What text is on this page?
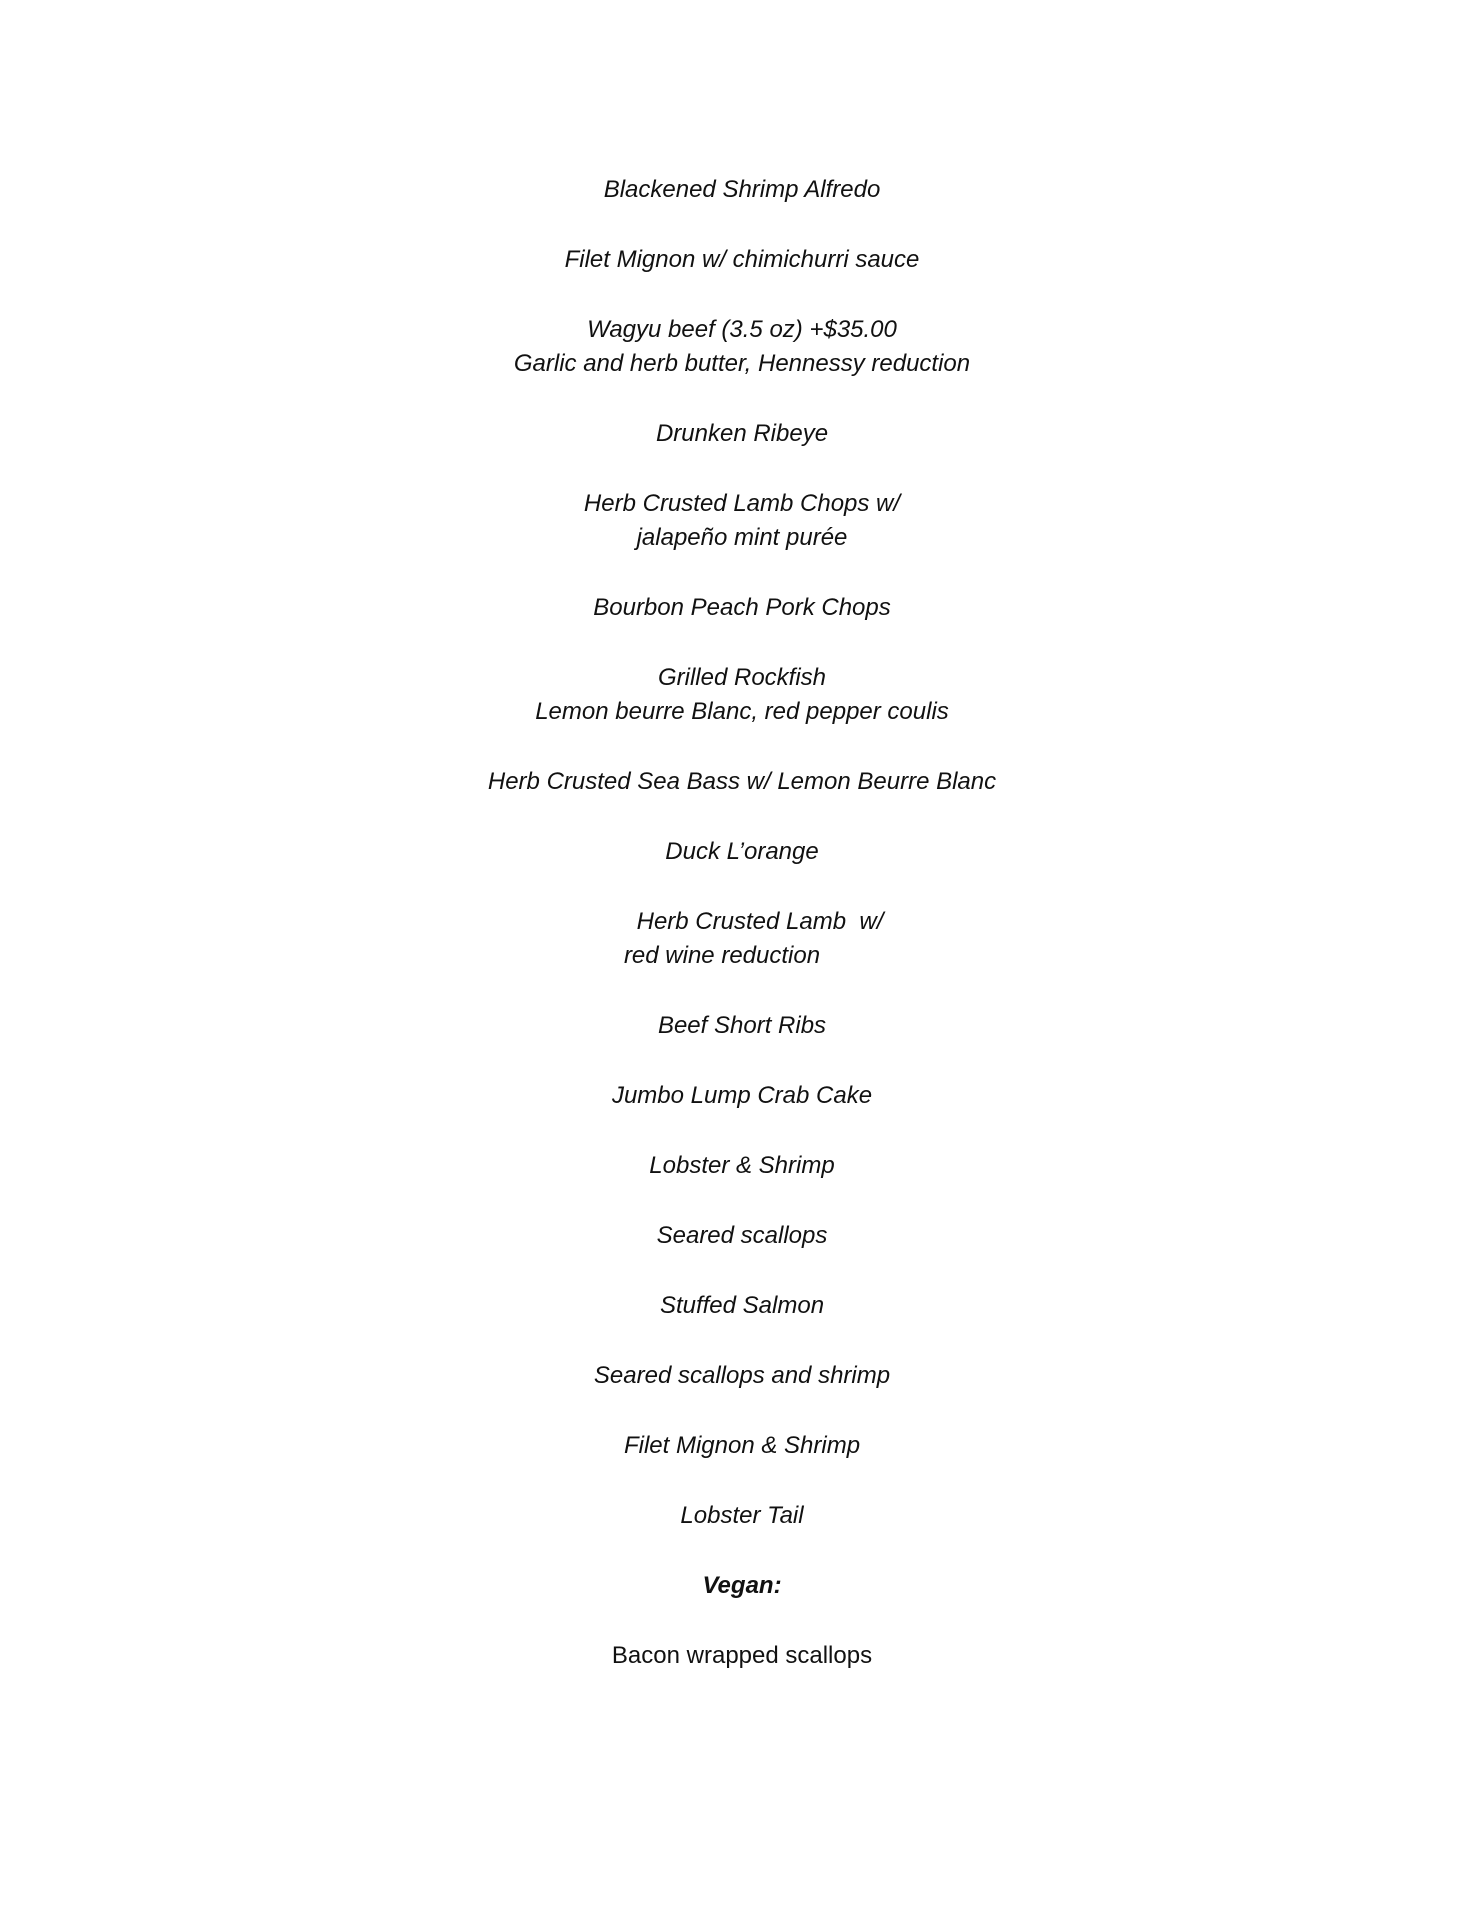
Blackened Shrimp Alfredo
Filet Mignon w/ chimichurri sauce
Wagyu beef (3.5 oz) +$35.00
Garlic and herb butter, Hennessy reduction
Drunken Ribeye
Herb Crusted Lamb Chops w/
jalapeño mint purée
Bourbon Peach Pork Chops
Grilled Rockfish
Lemon beurre Blanc, red pepper coulis
Herb Crusted Sea Bass w/ Lemon Beurre Blanc
Duck L’orange
Herb Crusted Lamb  w/
red wine reduction
Beef Short Ribs
Jumbo Lump Crab Cake
Lobster & Shrimp
Seared scallops
Stuffed Salmon
Seared scallops and shrimp
Filet Mignon & Shrimp
Lobster Tail
Vegan:
Bacon wrapped scallops
